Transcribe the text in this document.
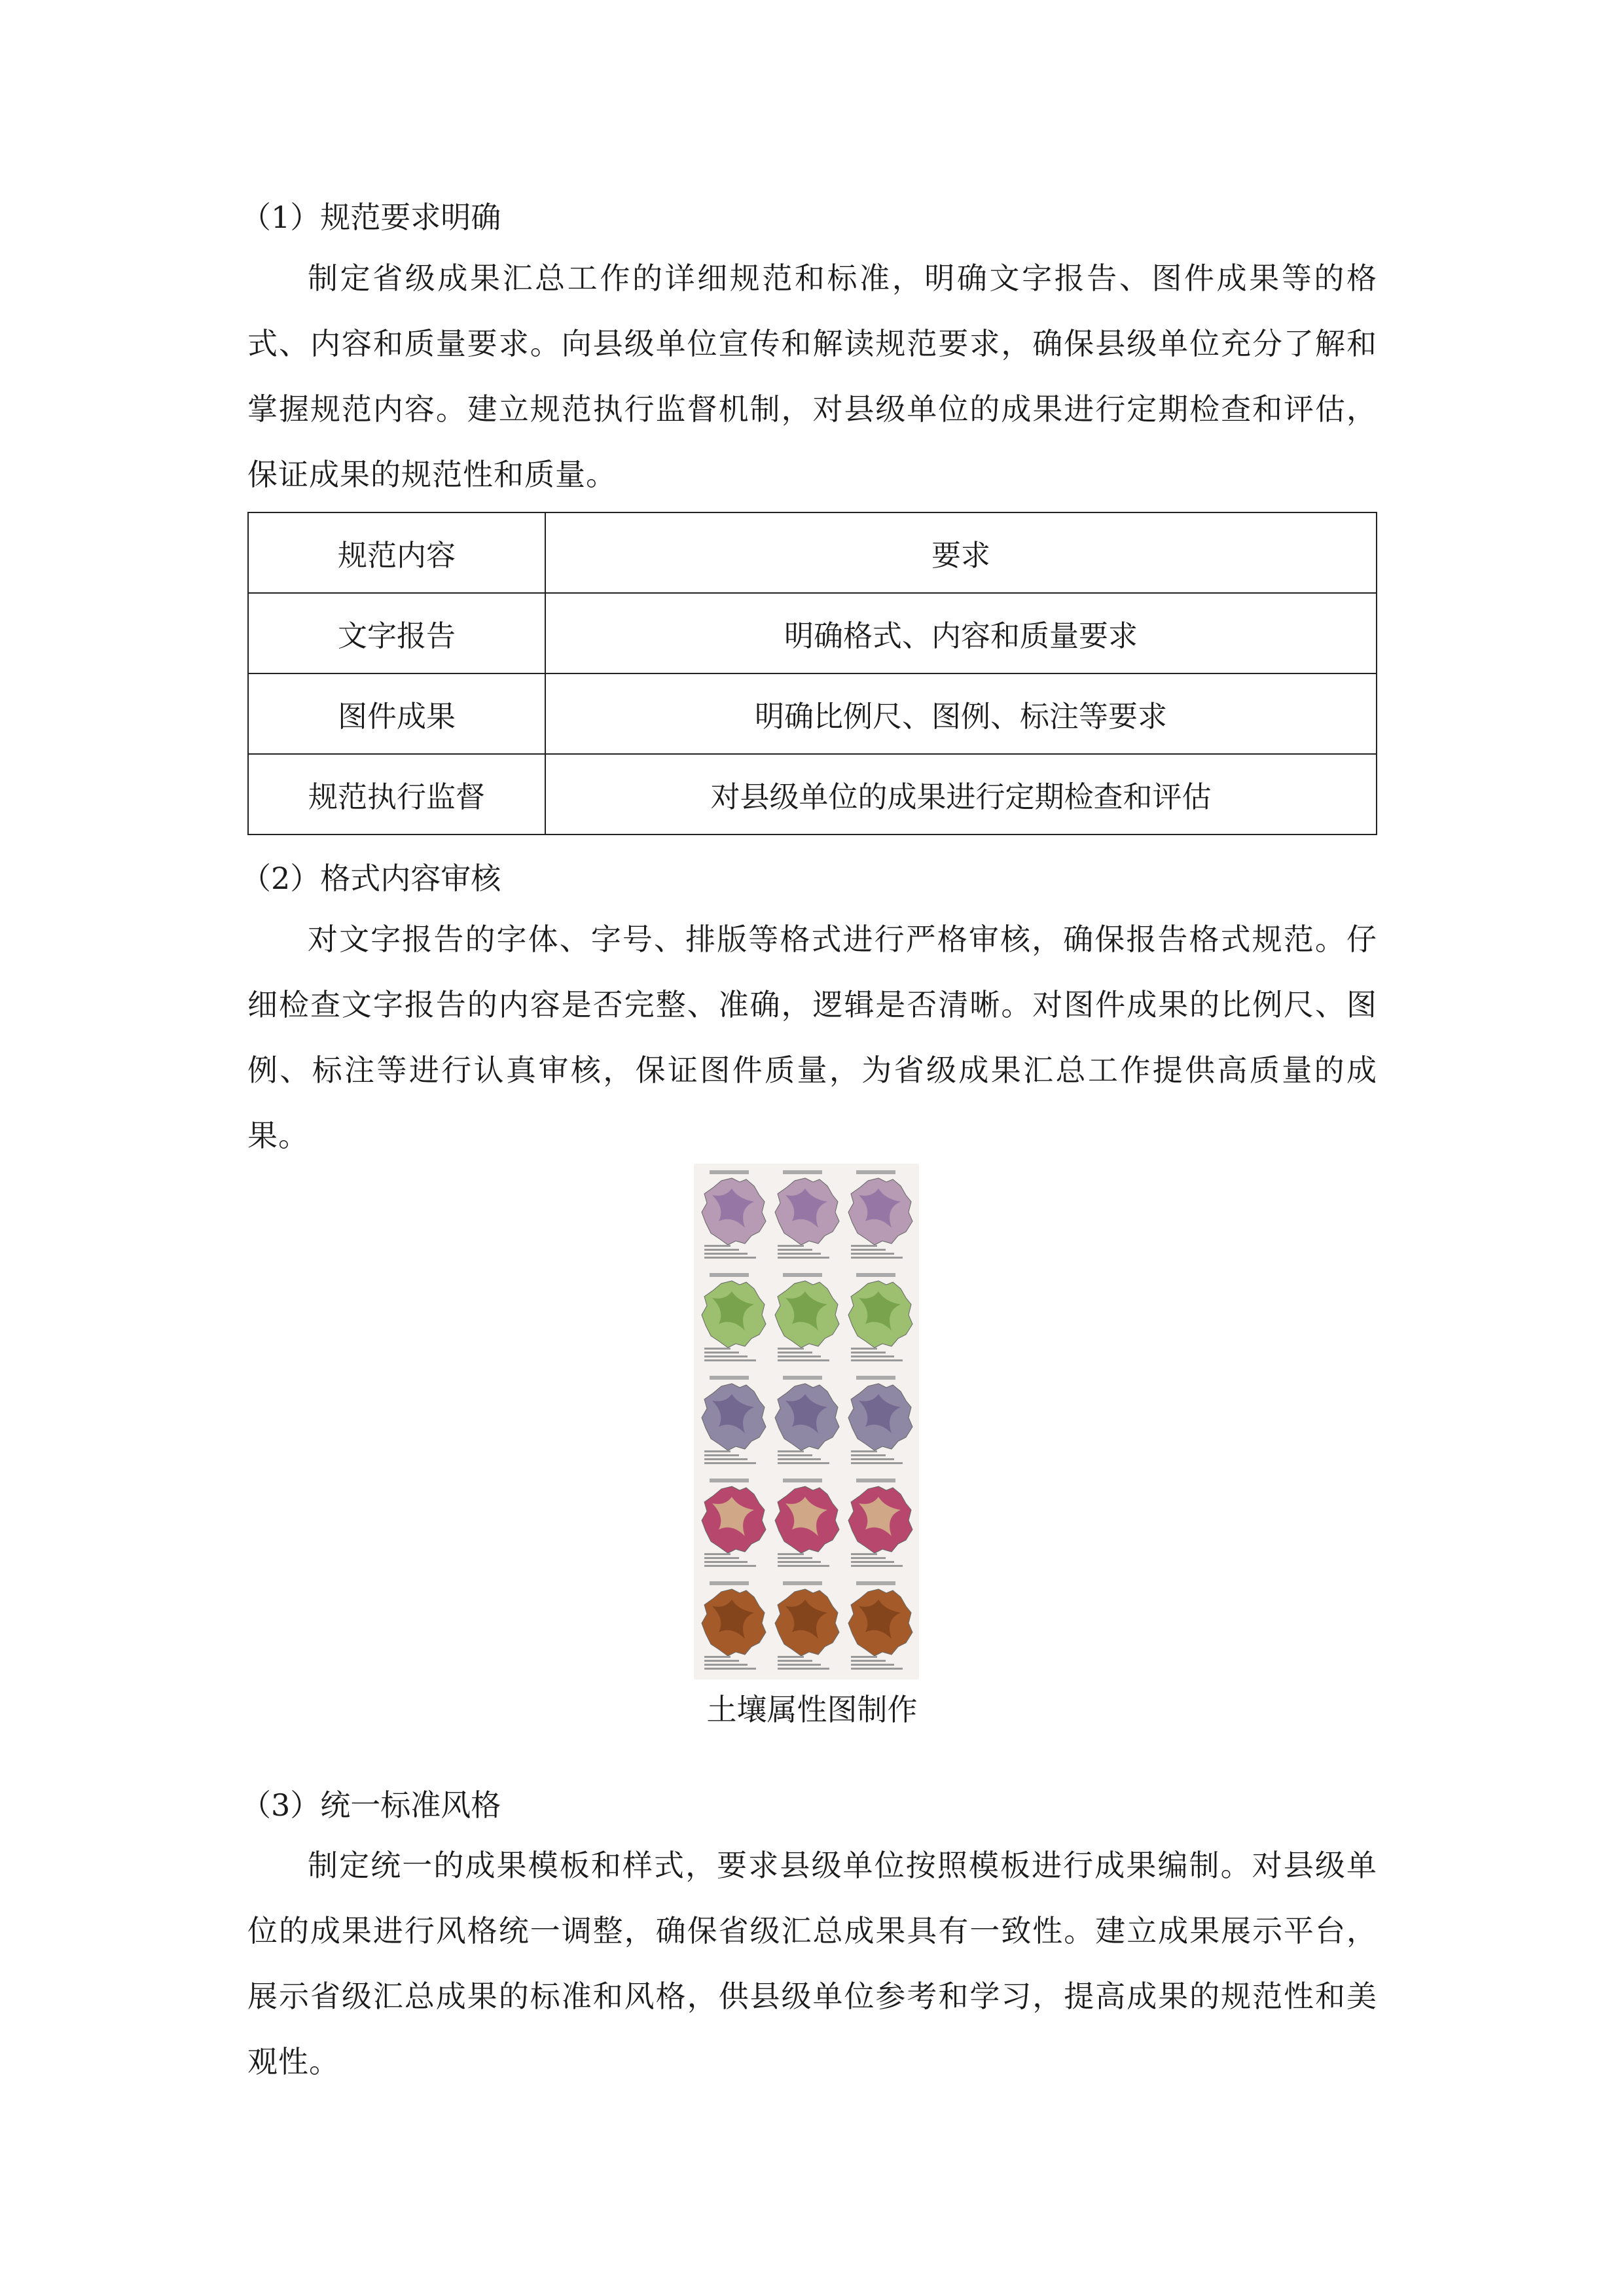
（1）规范要求明确
制定省级成果汇总工作的详细规范和标准，明确文字报告、图件成果等的格式、内容和质量要求。向县级单位宣传和解读规范要求，确保县级单位充分了解和掌握规范内容。建立规范执行监督机制，对县级单位的成果进行定期检查和评估，保证成果的规范性和质量。
规范内容	要求
文字报告	明确格式、内容和质量要求
图件成果	明确比例尺、图例、标注等要求
规范执行监督	对县级单位的成果进行定期检查和评估
（2）格式内容审核
对文字报告的字体、字号、排版等格式进行严格审核，确保报告格式规范。仔细检查文字报告的内容是否完整、准确，逻辑是否清晰。对图件成果的比例尺、图例、标注等进行认真审核，保证图件质量，为省级成果汇总工作提供高质量的成果。
土壤属性图制作
（3）统一标准风格
制定统一的成果模板和样式，要求县级单位按照模板进行成果编制。对县级单位的成果进行风格统一调整，确保省级汇总成果具有一致性。建立成果展示平台，展示省级汇总成果的标准和风格，供县级单位参考和学习，提高成果的规范性和美观性。
